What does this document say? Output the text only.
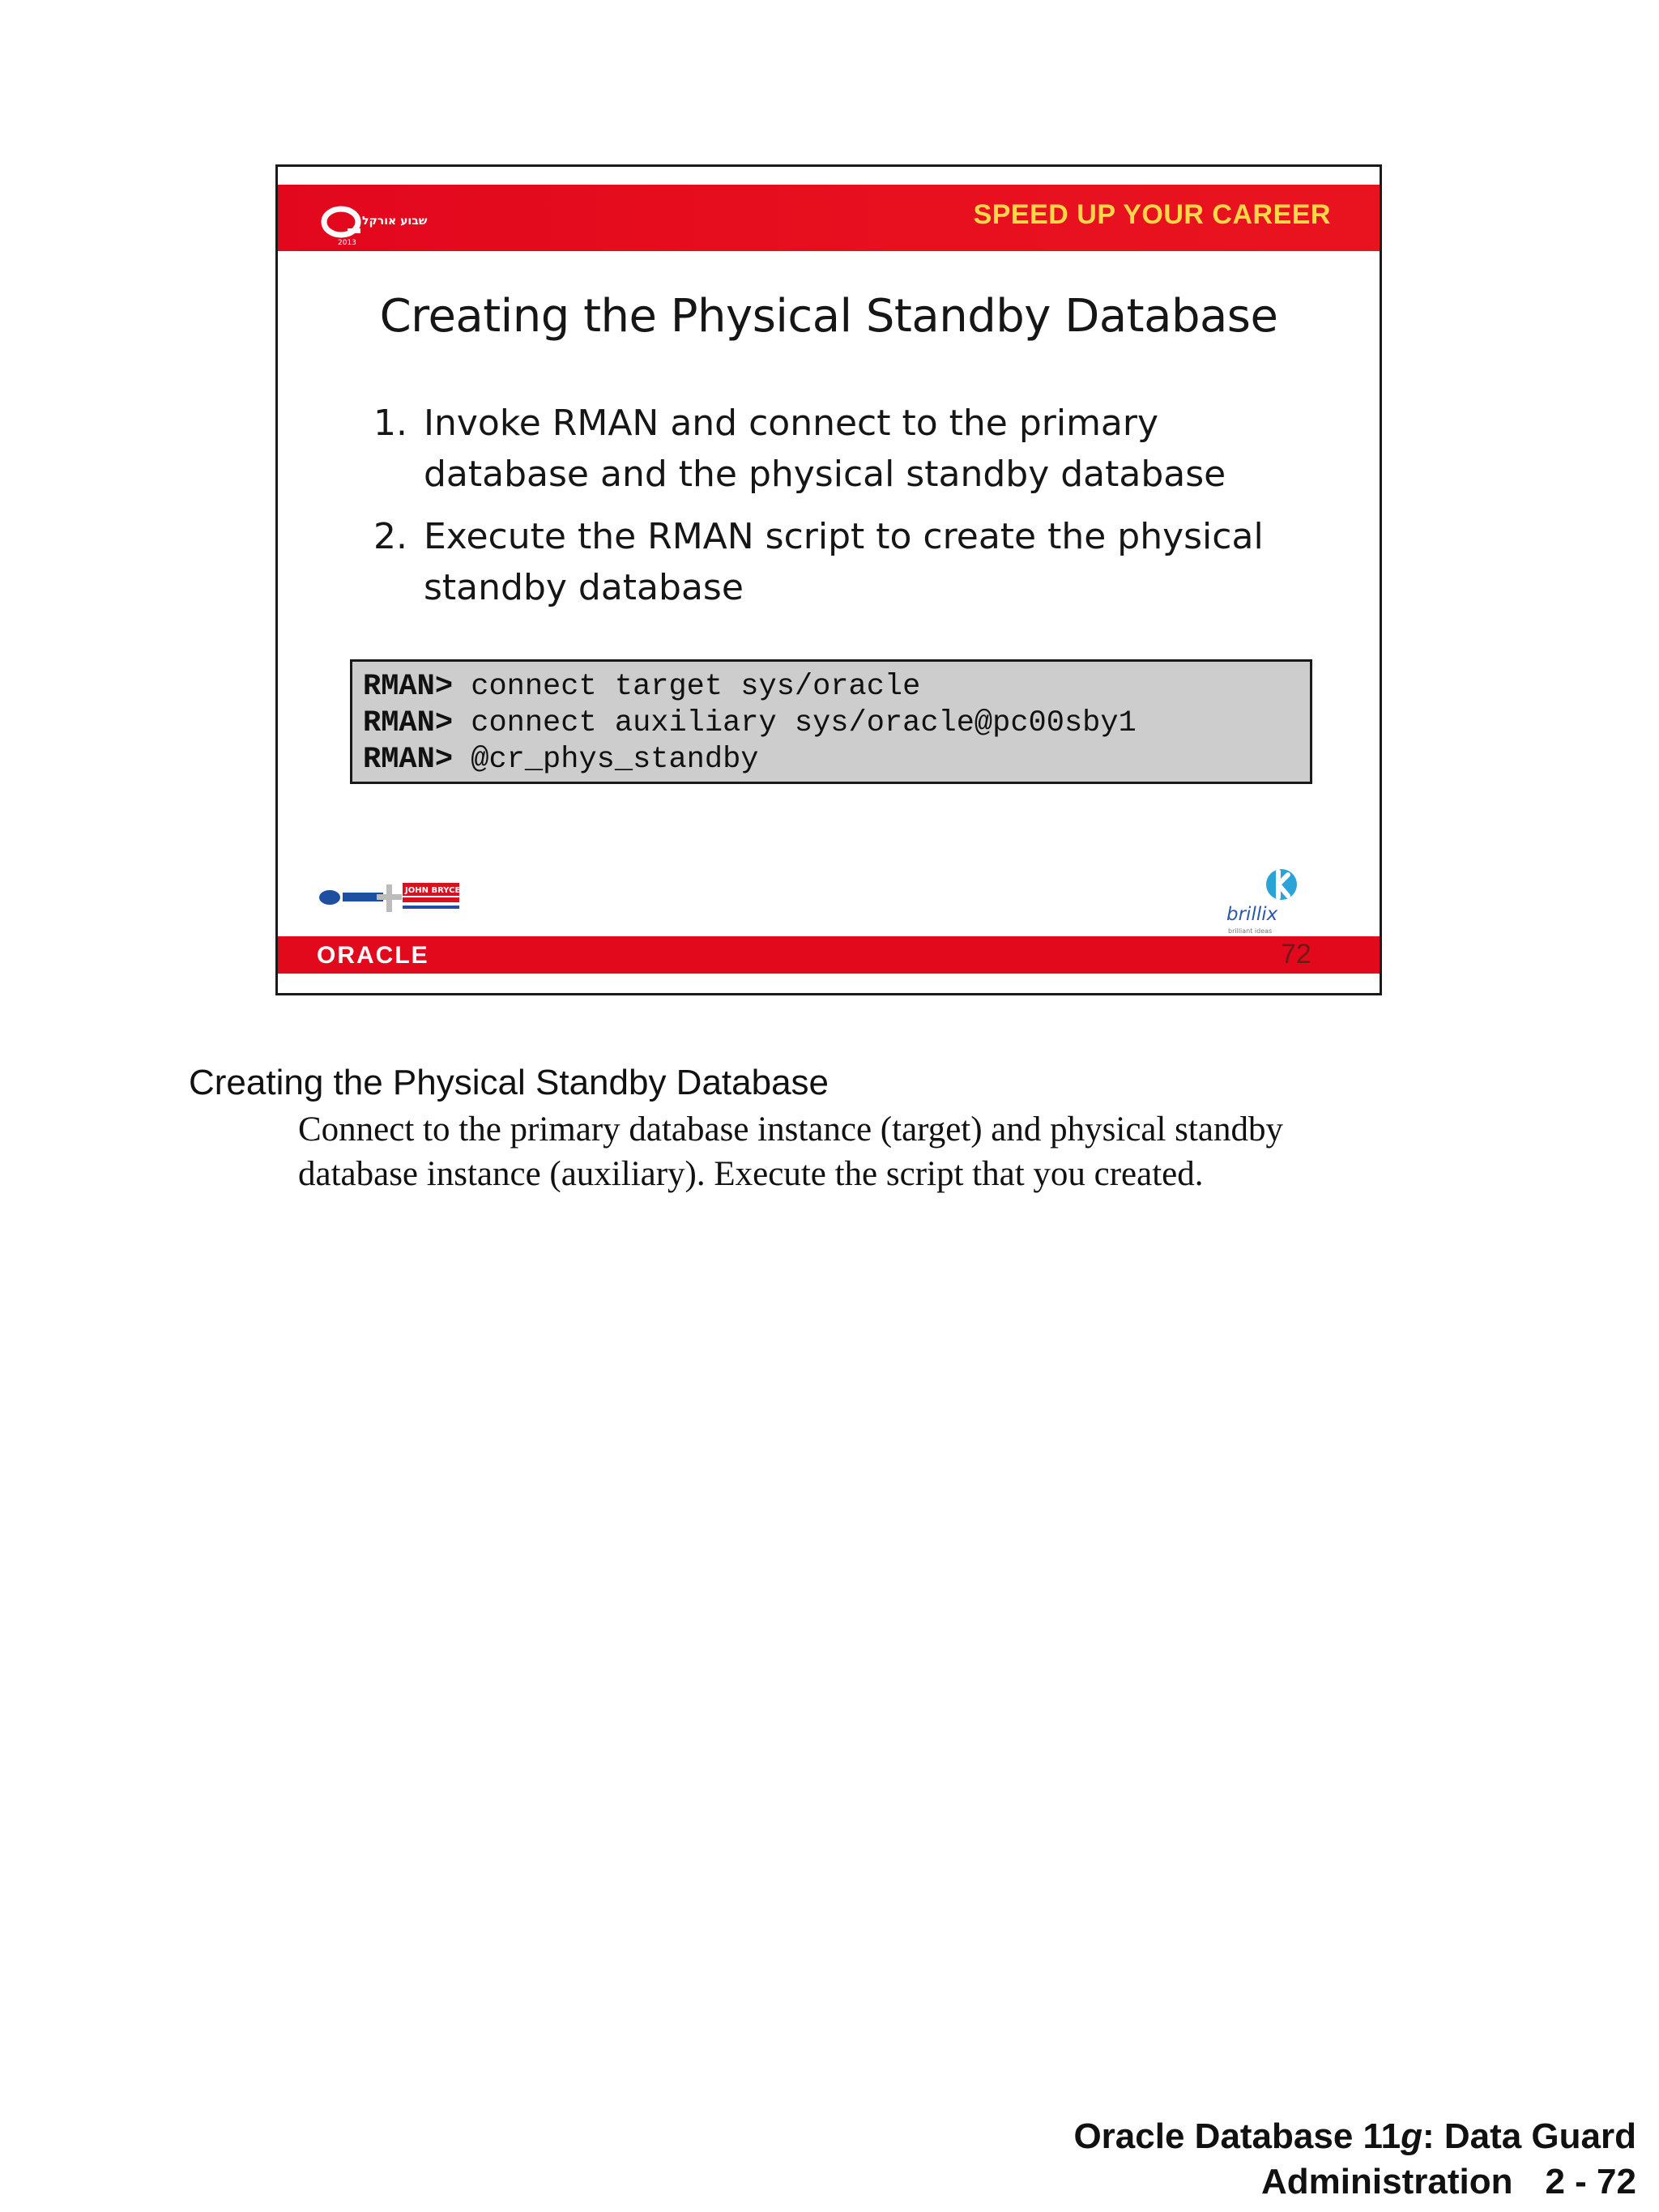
שבוע אורקל
2013
SPEED UP YOUR CAREER
Creating the Physical Standby Database
1. Invoke RMAN and connect to the primary database and the physical standby database
2. Execute the RMAN script to create the physical standby database
RMAN> connect target sys/oracle
RMAN> connect auxiliary sys/oracle@pc00sby1
RMAN> @cr_phys_standby
JOHN BRYCE
brillix
brilliant ideas
ORACLE	72
Creating the Physical Standby Database
Connect to the primary database instance (target) and physical standby database instance (auxiliary). Execute the script that you created.
Oracle Database 11g: Data Guard
Administration 2 - 72
